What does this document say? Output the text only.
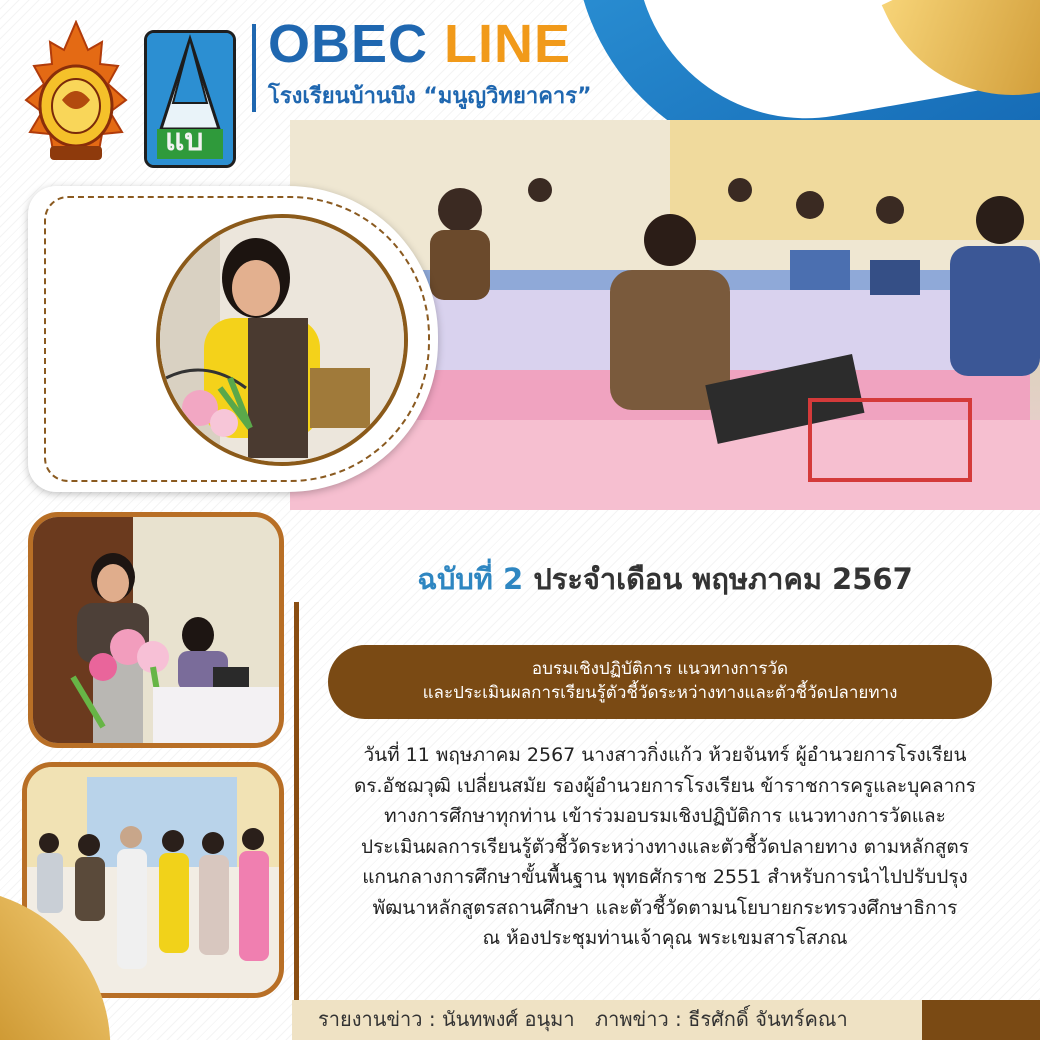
แบ
OBEC LINE
โรงเรียนบ้านบึง “มนูญวิทยาคาร”
ฉบับที่ 2 ประจำเดือน พฤษภาคม 2567
อบรมเชิงปฏิบัติการ แนวทางการวัด
และประเมินผลการเรียนรู้ตัวชี้วัดระหว่างทางและตัวชี้วัดปลายทาง
วันที่ 11 พฤษภาคม 2567 นางสาวกิ่งแก้ว ห้วยจันทร์ ผู้อำนวยการโรงเรียน
ดร.อัชฌวุฒิ เปลี่ยนสมัย รองผู้อำนวยการโรงเรียน ข้าราชการครูและบุคลากร
ทางการศึกษาทุกท่าน เข้าร่วมอบรมเชิงปฏิบัติการ แนวทางการวัดและ
ประเมินผลการเรียนรู้ตัวชี้วัดระหว่างทางและตัวชี้วัดปลายทาง ตามหลักสูตร
แกนกลางการศึกษาขั้นพื้นฐาน พุทธศักราช 2551 สำหรับการนำไปปรับปรุง
พัฒนาหลักสูตรสถานศึกษา และตัวชี้วัดตามนโยบายกระทรวงศึกษาธิการ
ณ ห้องประชุมท่านเจ้าคุณ พระเขมสารโสภณ
รายงานข่าว : นันทพงศ์ อนุมา ภาพข่าว : ธีรศักดิ์ จันทร์คณา
